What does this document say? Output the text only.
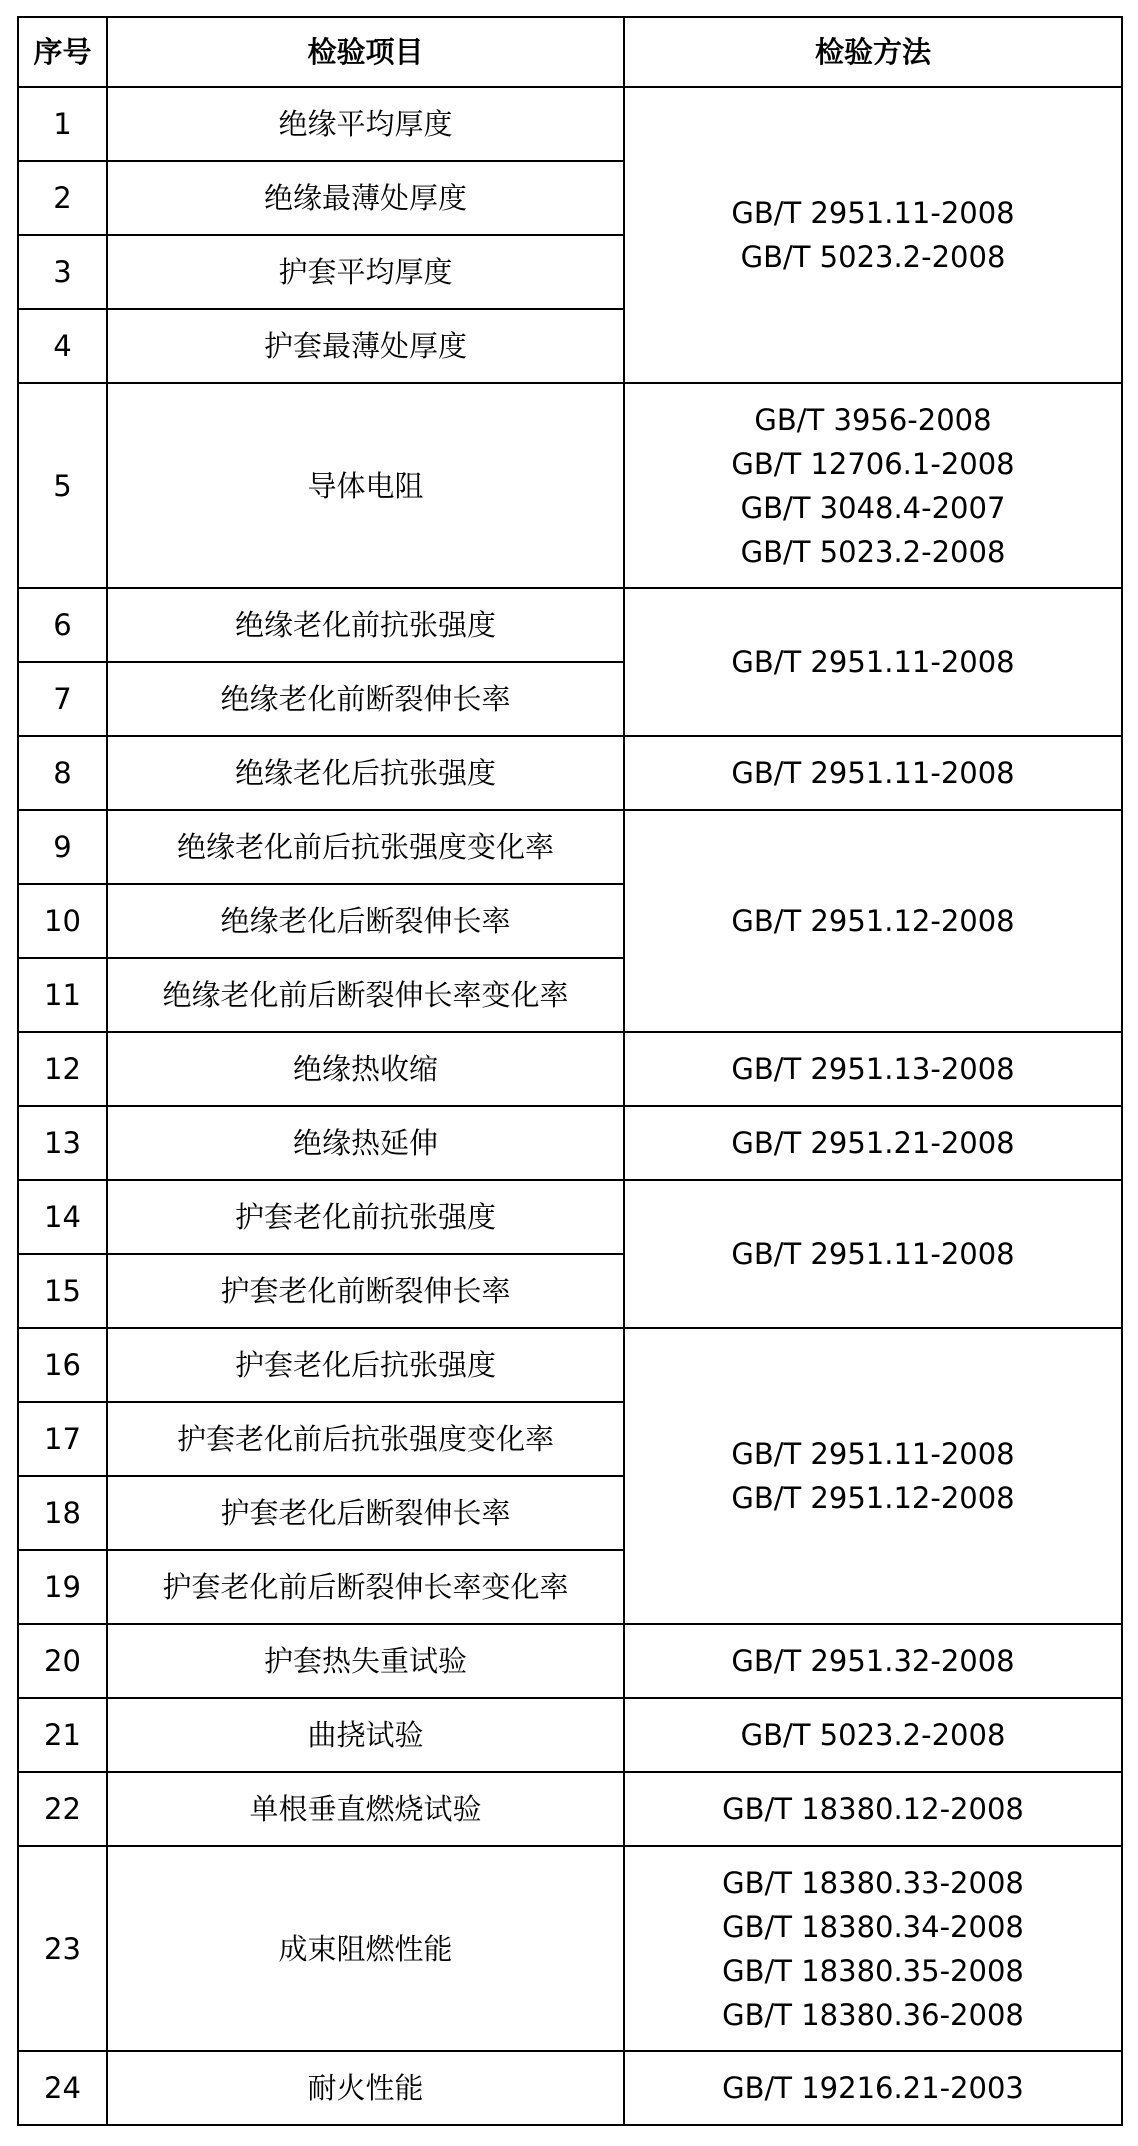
序号	检验项目	检验方法
1	绝缘平均厚度	GB/T 2951.11-2008
GB/T 5023.2-2008

2	绝缘最薄处厚度	
3	护套平均厚度	
4	护套最薄处厚度	
5	导体电阻	GB/T 3956-2008
GB/T 12706.1-2008
GB/T 3048.4-2007
GB/T 5023.2-2008

6	绝缘老化前抗张强度	GB/T 2951.11-2008

7	绝缘老化前断裂伸长率	
8	绝缘老化后抗张强度	GB/T 2951.11-2008

9	绝缘老化前后抗张强度变化率	GB/T 2951.12-2008

10	绝缘老化后断裂伸长率	
11	绝缘老化前后断裂伸长率变化率	
12	绝缘热收缩	GB/T 2951.13-2008

13	绝缘热延伸	GB/T 2951.21-2008

14	护套老化前抗张强度	GB/T 2951.11-2008

15	护套老化前断裂伸长率	
16	护套老化后抗张强度	GB/T 2951.11-2008
GB/T 2951.12-2008

17	护套老化前后抗张强度变化率	
18	护套老化后断裂伸长率	
19	护套老化前后断裂伸长率变化率	
20	护套热失重试验	GB/T 2951.32-2008

21	曲挠试验	GB/T 5023.2-2008

22	单根垂直燃烧试验	GB/T 18380.12-2008

23	成束阻燃性能	GB/T 18380.33-2008
GB/T 18380.34-2008
GB/T 18380.35-2008
GB/T 18380.36-2008

24	耐火性能	GB/T 19216.21-2003
